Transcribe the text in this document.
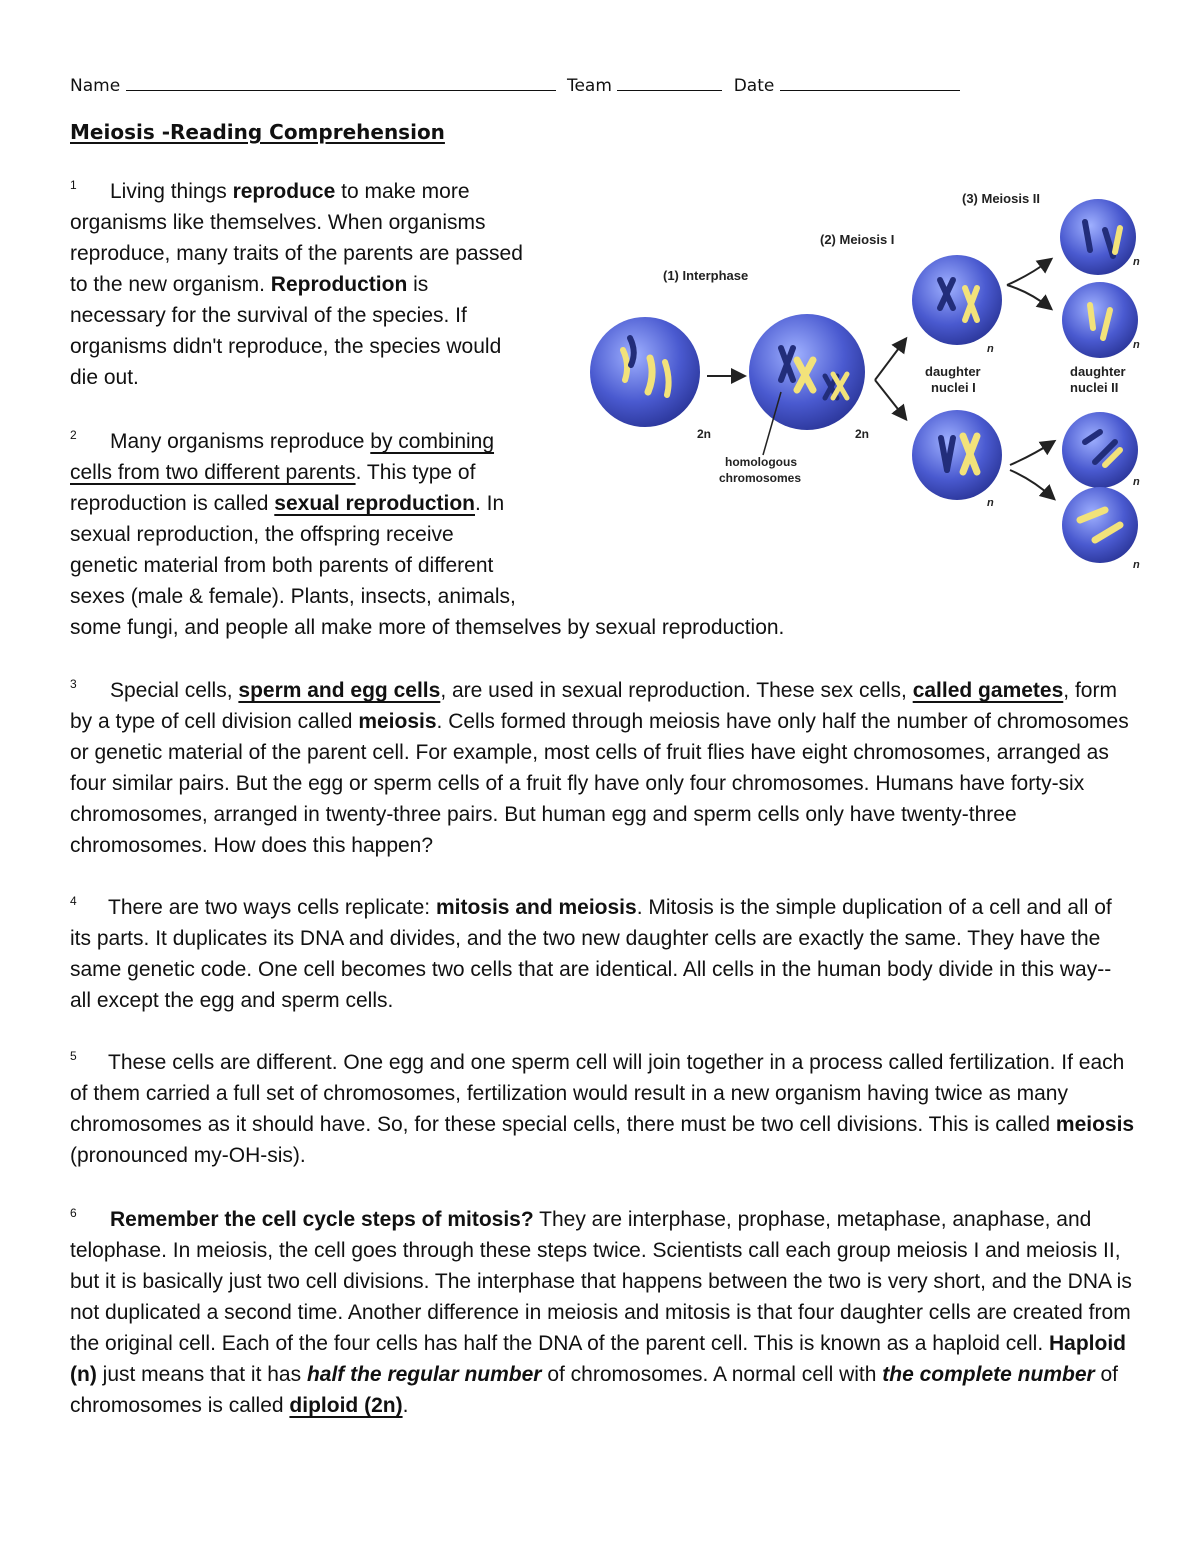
Name	Team	Date
Meiosis -Reading Comprehension
(3) Meiosis II
(2) Meiosis I
(1) Interphase
2n	2n
homologous
chromosomes
n
daughter
nuclei I
n
n
n
daughter
nuclei II
n
n
1 Living things reproduce to make more
organisms like themselves. When organisms
reproduce, many traits of the parents are passed
to the new organism. Reproduction is
necessary for the survival of the species. If
organisms didn't reproduce, the species would
die out.
2 Many organisms reproduce by combining
cells from two different parents. This type of
reproduction is called sexual reproduction. In
sexual reproduction, the offspring receive
genetic material from both parents of different
sexes (male & female). Plants, insects, animals,
some fungi, and people all make more of themselves by sexual reproduction.
3 Special cells, sperm and egg cells, are used in sexual reproduction. These sex cells, called gametes, form by a type of cell division called meiosis. Cells formed through meiosis have only half the number of chromosomes or genetic material of the parent cell. For example, most cells of fruit flies have eight chromosomes, arranged as four similar pairs. But the egg or sperm cells of a fruit fly have only four chromosomes. Humans have forty-six chromosomes, arranged in twenty-three pairs. But human egg and sperm cells only have twenty-three chromosomes. How does this happen?
4 There are two ways cells replicate: mitosis and meiosis. Mitosis is the simple duplication of a cell and all of its parts. It duplicates its DNA and divides, and the two new daughter cells are exactly the same. They have the same genetic code. One cell becomes two cells that are identical. All cells in the human body divide in this way-- all except the egg and sperm cells.
5 These cells are different. One egg and one sperm cell will join together in a process called fertilization. If each of them carried a full set of chromosomes, fertilization would result in a new organism having twice as many chromosomes as it should have. So, for these special cells, there must be two cell divisions. This is called meiosis (pronounced my-OH-sis).
6 Remember the cell cycle steps of mitosis? They are interphase, prophase, metaphase, anaphase, and telophase. In meiosis, the cell goes through these steps twice. Scientists call each group meiosis I and meiosis II, but it is basically just two cell divisions. The interphase that happens between the two is very short, and the DNA is not duplicated a second time. Another difference in meiosis and mitosis is that four daughter cells are created from the original cell. Each of the four cells has half the DNA of the parent cell. This is known as a haploid cell. Haploid (n) just means that it has half the regular number of chromosomes. A normal cell with the complete number of chromosomes is called diploid (2n).
